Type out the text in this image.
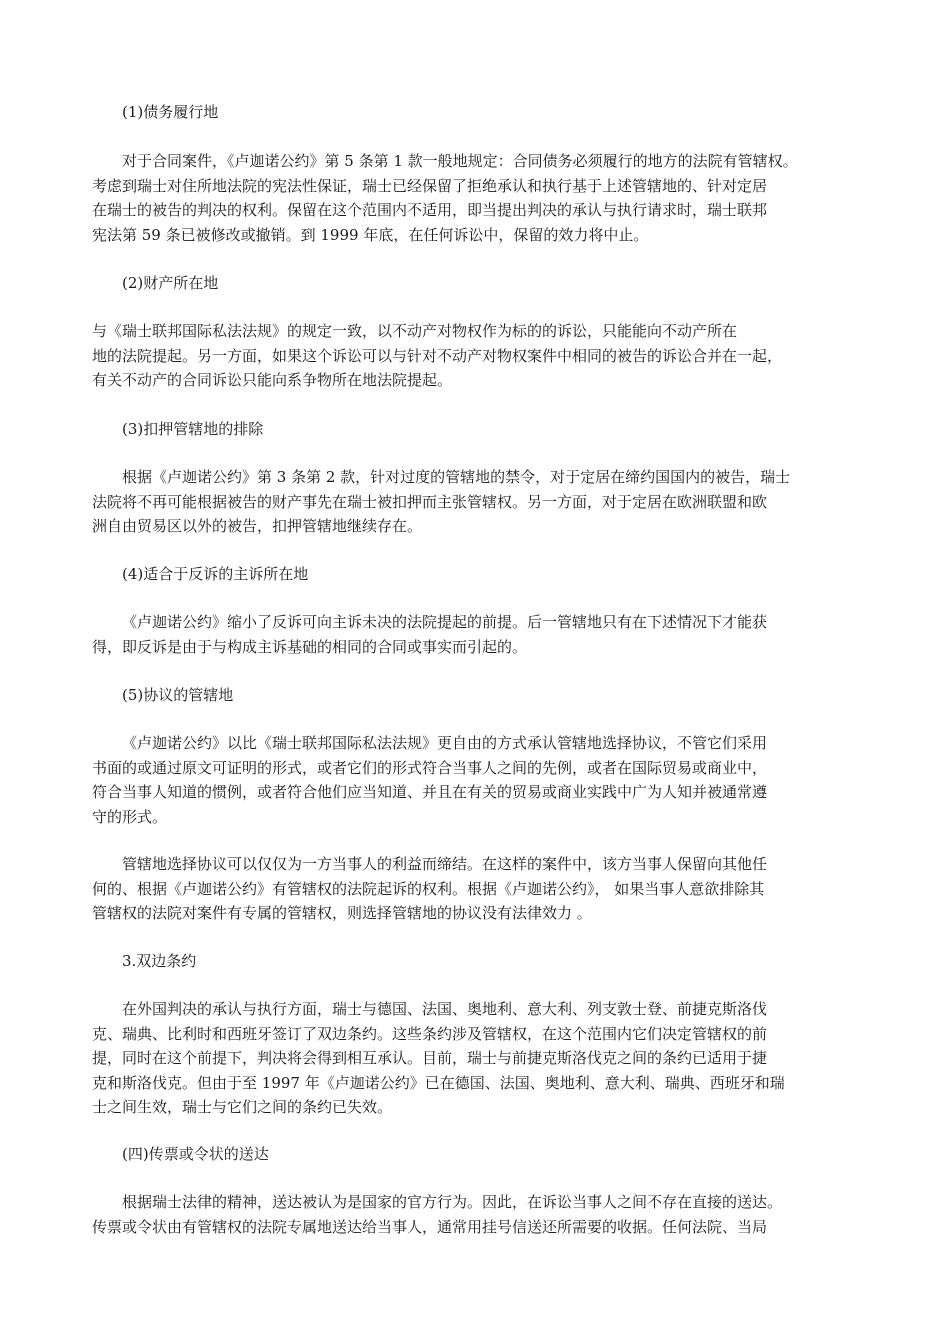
(1)债务履行地

对于合同案件，《卢迦诺公约》第 5 条第 1 款一般地规定：合同债务必须履行的地方的法院有管辖权。
考虑到瑞士对住所地法院的宪法性保证，瑞士已经保留了拒绝承认和执行基于上述管辖地的、针对定居
在瑞士的被告的判决的权利。保留在这个范围内不适用，即当提出判决的承认与执行请求时，瑞士联邦
宪法第 59 条已被修改或撤销。到 1999 年底，在任何诉讼中，保留的效力将中止。

(2)财产所在地

与《瑞士联邦国际私法法规》的规定一致，以不动产对物权作为标的的诉讼，只能能向不动产所在
地的法院提起。另一方面，如果这个诉讼可以与针对不动产对物权案件中相同的被告的诉讼合并在一起，
有关不动产的合同诉讼只能向系争物所在地法院提起。

(3)扣押管辖地的排除

根据《卢迦诺公约》第 3 条第 2 款，针对过度的管辖地的禁令，对于定居在缔约国国内的被告，瑞士
法院将不再可能根据被告的财产事先在瑞士被扣押而主张管辖权。另一方面，对于定居在欧洲联盟和欧
洲自由贸易区以外的被告，扣押管辖地继续存在。

(4)适合于反诉的主诉所在地

《卢迦诺公约》缩小了反诉可向主诉未决的法院提起的前提。后一管辖地只有在下述情况下才能获
得，即反诉是由于与构成主诉基础的相同的合同或事实而引起的。

(5)协议的管辖地

《卢迦诺公约》以比《瑞士联邦国际私法法规》更自由的方式承认管辖地选择协议，不管它们采用
书面的或通过原文可证明的形式，或者它们的形式符合当事人之间的先例，或者在国际贸易或商业中，
符合当事人知道的惯例，或者符合他们应当知道、并且在有关的贸易或商业实践中广为人知并被通常遵
守的形式。

管辖地选择协议可以仅仅为一方当事人的利益而缔结。在这样的案件中，该方当事人保留向其他任
何的、根据《卢迦诺公约》有管辖权的法院起诉的权利。根据《卢迦诺公约》， 如果当事人意欲排除其
管辖权的法院对案件有专属的管辖权，则选择管辖地的协议没有法律效力 。

3.双边条约

在外国判决的承认与执行方面，瑞士与德国、法国、奥地利、意大利、列支敦士登、前捷克斯洛伐
克、瑞典、比利时和西班牙签订了双边条约。这些条约涉及管辖权，在这个范围内它们决定管辖权的前
提，同时在这个前提下，判决将会得到相互承认。目前，瑞士与前捷克斯洛伐克之间的条约已适用于捷
克和斯洛伐克。但由于至 1997 年《卢迦诺公约》已在德国、法国、奥地利、意大利、瑞典、西班牙和瑞
士之间生效，瑞士与它们之间的条约已失效。

(四)传票或令状的送达

根据瑞士法律的精神，送达被认为是国家的官方行为。因此，在诉讼当事人之间不存在直接的送达。
传票或令状由有管辖权的法院专属地送达给当事人，通常用挂号信送还所需要的收据。任何法院、当局
